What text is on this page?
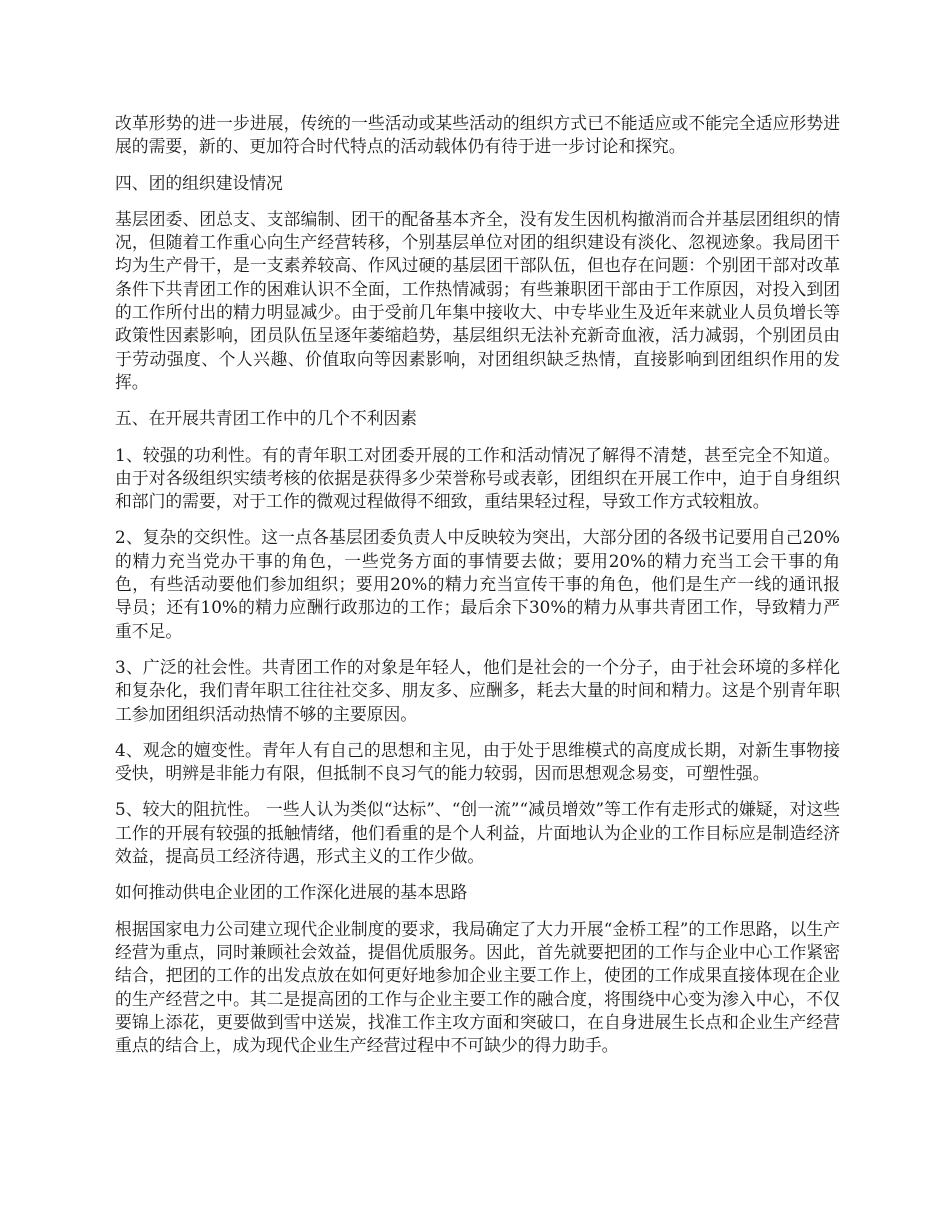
改革形势的进一步进展，传统的一些活动或某些活动的组织方式已不能适应或不能完全适应形势进展的需要，新的、更加符合时代特点的活动载体仍有待于进一步讨论和探究。

四、团的组织建设情况

基层团委、团总支、支部编制、团干的配备基本齐全，没有发生因机构撤消而合并基层团组织的情况，但随着工作重心向生产经营转移，个别基层单位对团的组织建设有淡化、忽视迹象。我局团干均为生产骨干，是一支素养较高、作风过硬的基层团干部队伍，但也存在问题：个别团干部对改革条件下共青团工作的困难认识不全面，工作热情减弱；有些兼职团干部由于工作原因，对投入到团的工作所付出的精力明显减少。由于受前几年集中接收大、中专毕业生及近年来就业人员负增长等政策性因素影响，团员队伍呈逐年萎缩趋势，基层组织无法补充新奇血液，活力减弱，个别团员由于劳动强度、个人兴趣、价值取向等因素影响，对团组织缺乏热情，直接影响到团组织作用的发挥。

五、在开展共青团工作中的几个不利因素

1、较强的功利性。有的青年职工对团委开展的工作和活动情况了解得不清楚，甚至完全不知道。由于对各级组织实绩考核的依据是获得多少荣誉称号或表彰，团组织在开展工作中，迫于自身组织和部门的需要，对于工作的微观过程做得不细致，重结果轻过程，导致工作方式较粗放。

2、复杂的交织性。这一点各基层团委负责人中反映较为突出，大部分团的各级书记要用自己20%的精力充当党办干事的角色，一些党务方面的事情要去做；要用20%的精力充当工会干事的角色，有些活动要他们参加组织；要用20%的精力充当宣传干事的角色，他们是生产一线的通讯报导员；还有10%的精力应酬行政那边的工作；最后余下30%的精力从事共青团工作，导致精力严重不足。

3、广泛的社会性。共青团工作的对象是年轻人，他们是社会的一个分子，由于社会环境的多样化和复杂化，我们青年职工往往社交多、朋友多、应酬多，耗去大量的时间和精力。这是个别青年职工参加团组织活动热情不够的主要原因。

4、观念的嬗变性。青年人有自己的思想和主见，由于处于思维模式的高度成长期，对新生事物接受快，明辨是非能力有限，但抵制不良习气的能力较弱，因而思想观念易变，可塑性强。

5、较大的阻抗性。 一些人认为类似“达标”、“创一流”“减员增效”等工作有走形式的嫌疑，对这些工作的开展有较强的抵触情绪，他们看重的是个人利益，片面地认为企业的工作目标应是制造经济效益，提高员工经济待遇，形式主义的工作少做。

如何推动供电企业团的工作深化进展的基本思路

根据国家电力公司建立现代企业制度的要求，我局确定了大力开展“金桥工程”的工作思路，以生产经营为重点，同时兼顾社会效益，提倡优质服务。因此，首先就要把团的工作与企业中心工作紧密结合，把团的工作的出发点放在如何更好地参加企业主要工作上，使团的工作成果直接体现在企业的生产经营之中。其二是提高团的工作与企业主要工作的融合度，将围绕中心变为渗入中心，不仅要锦上添花，更要做到雪中送炭，找准工作主攻方面和突破口，在自身进展生长点和企业生产经营重点的结合上，成为现代企业生产经营过程中不可缺少的得力助手。
